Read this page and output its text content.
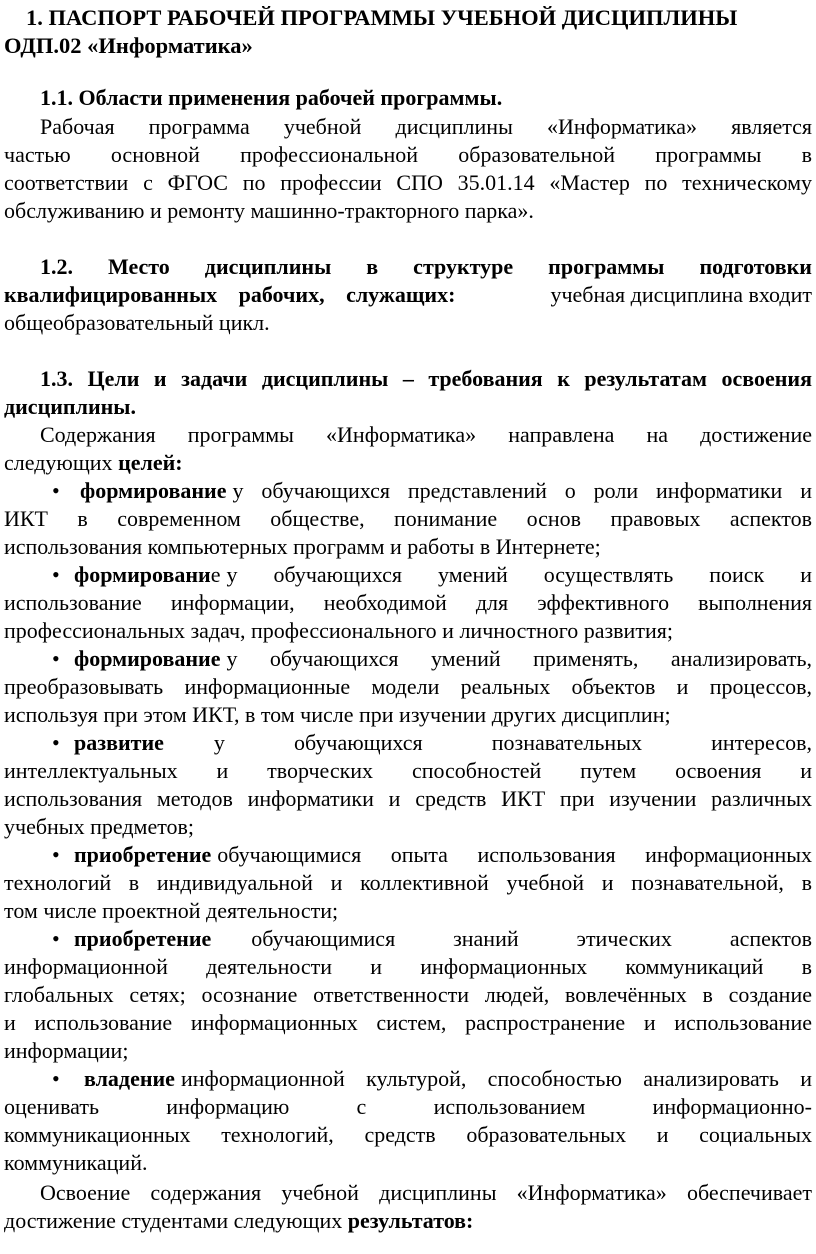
1. ПАСПОРТ РАБОЧЕЙ ПРОГРАММЫ УЧЕБНОЙ ДИСЦИПЛИНЫ
ОДП.02 «Информатика»
1.1. Области применения рабочей программы.
Рабочая программа учебной дисциплины «Информатика» является
частью основной профессиональной образовательной программы в
соответствии с ФГОС по профессии СПО 35.01.14 «Мастер по техническому
обслуживанию и ремонту машинно-тракторного парка».
1.2. Место дисциплины в структуре программы подготовки
квалифицированных рабочих, служащих:	учебная дисциплина входит
общеобразовательный цикл.
1.3. Цели и задачи дисциплины – требования к результатам освоения
дисциплины.
Содержания программы «Информатика» направлена на достижение
следующих целей:
• формирование у обучающихся представлений о роли информатики и
ИКТ в современном обществе, понимание основ правовых аспектов
использования компьютерных программ и работы в Интернете;
• формировани е у обучающихся умений осуществлять поиск и
использование информации, необходимой для эффективного выполнения
профессиональных задач, профессионального и личностного развития;
• формирование у обучающихся умений применять, анализировать,
преобразовывать информационные модели реальных объектов и процессов,
используя при этом ИКТ, в том числе при изучении других дисциплин;
• развитие у обучающихся познавательных интересов,
интеллектуальных и творческих способностей путем освоения и
использования методов информатики и средств ИКТ при изучении различных
учебных предметов;
• приобретение обучающимися опыта использования информационных
технологий в индивидуальной и коллективной учебной и познавательной, в
том числе проектной деятельности;
• приобретение обучающимися знаний этических аспектов
информационной деятельности и информационных коммуникаций в
глобальных сетях; осознание ответственности людей, вовлечённых в создание
и использование информационных систем, распространение и использование
информации;
•	владение информационной культурой, способностью анализировать и
оценивать информацию с использованием информационно-
коммуникационных технологий, средств образовательных и социальных
коммуникаций.
Освоение содержания учебной дисциплины «Информатика» обеспечивает
достижение студентами следующих результатов:
